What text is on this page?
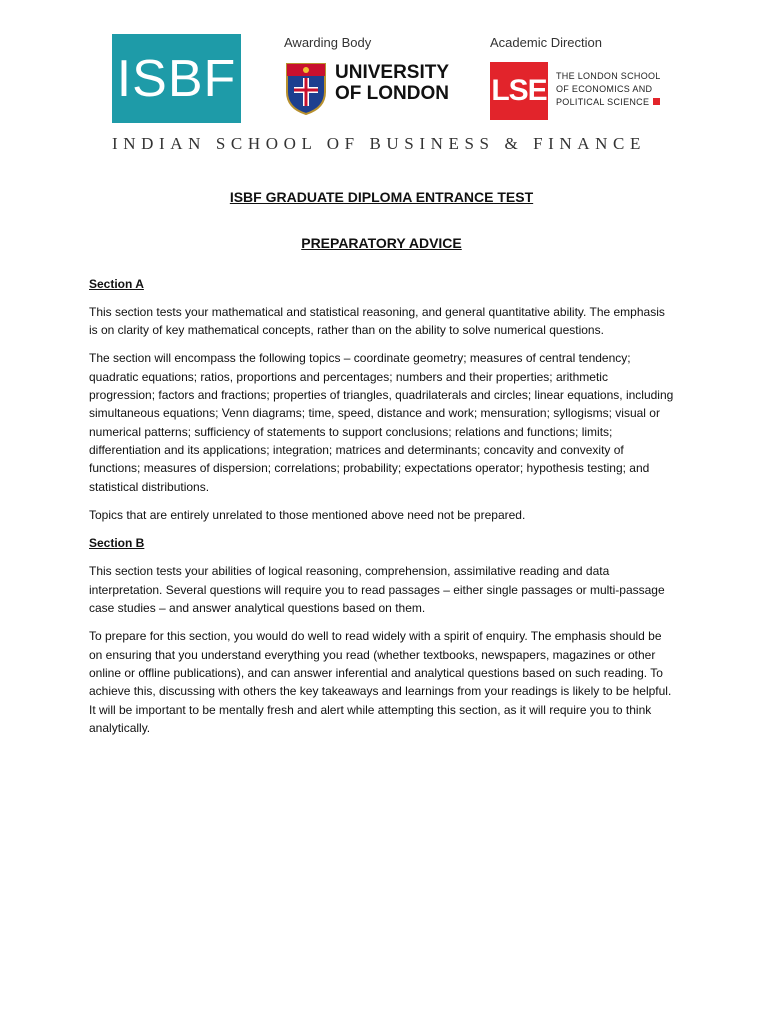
ISBF
Awarding Body
UNIVERSITY
OF LONDON
Academic Direction
LSE THE LONDON SCHOOL
OF ECONOMICS AND
POLITICAL SCIENCE
INDIAN SCHOOL OF BUSINESS & FINANCE

ISBF GRADUATE DIPLOMA ENTRANCE TEST

PREPARATORY ADVICE

Section A

This section tests your mathematical and statistical reasoning, and general quantitative ability. The emphasis is on clarity of key mathematical concepts, rather than on the ability to solve numerical questions.

The section will encompass the following topics – coordinate geometry; measures of central tendency; quadratic equations; ratios, proportions and percentages; numbers and their properties; arithmetic progression; factors and fractions; properties of triangles, quadrilaterals and circles; linear equations, including simultaneous equations; Venn diagrams; time, speed, distance and work; mensuration; syllogisms; visual or numerical patterns; sufficiency of statements to support conclusions; relations and functions; limits; differentiation and its applications; integration; matrices and determinants; concavity and convexity of functions; measures of dispersion; correlations; probability; expectations operator; hypothesis testing; and statistical distributions.

Topics that are entirely unrelated to those mentioned above need not be prepared.

Section B

This section tests your abilities of logical reasoning, comprehension, assimilative reading and data interpretation. Several questions will require you to read passages – either single passages or multi-passage case studies – and answer analytical questions based on them.

To prepare for this section, you would do well to read widely with a spirit of enquiry. The emphasis should be on ensuring that you understand everything you read (whether textbooks, newspapers, magazines or other online or offline publications), and can answer inferential and analytical questions based on such reading. To achieve this, discussing with others the key takeaways and learnings from your readings is likely to be helpful. It will be important to be mentally fresh and alert while attempting this section, as it will require you to think analytically.
